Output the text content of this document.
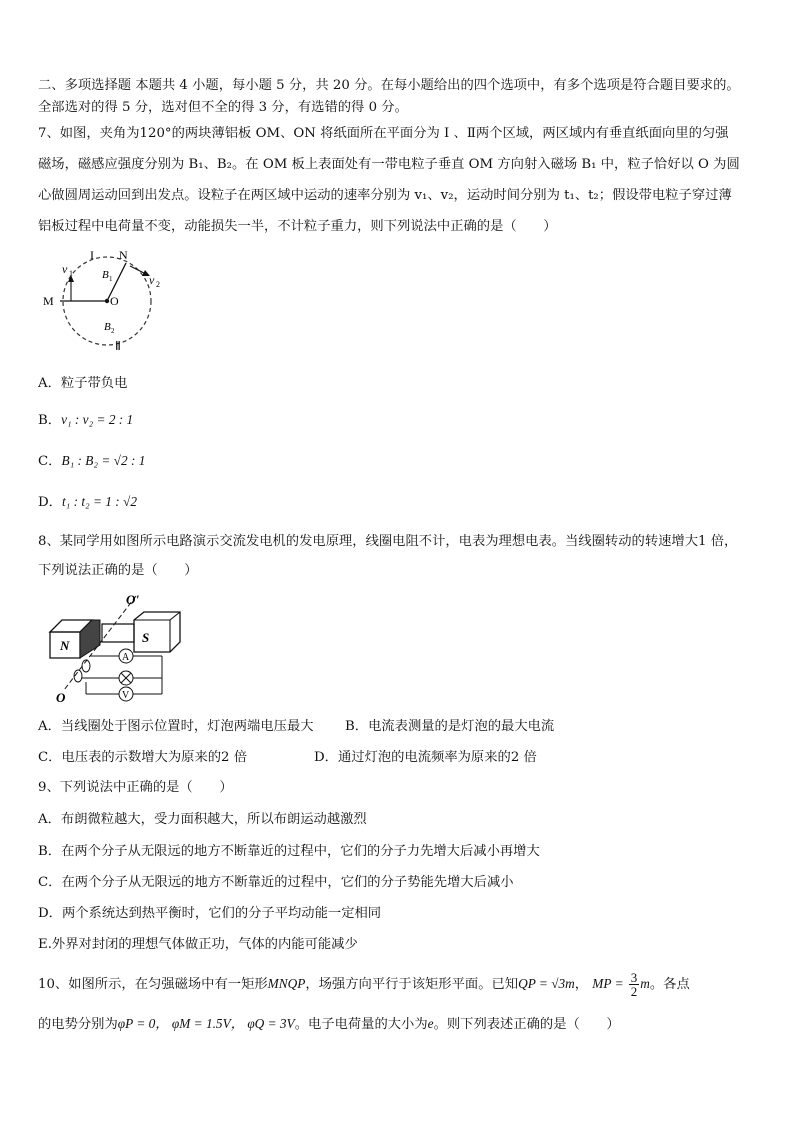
二、多项选择题 本题共 4 小题，每小题 5 分，共 20 分。在每小题给出的四个选项中，有多个选项是符合题目要求的。
全部选对的得 5 分，选对但不全的得 3 分，有选错的得 0 分。
7、如图，夹角为120°的两块薄铝板 OM、ON 将纸面所在平面分为 Ⅰ 、Ⅱ两个区域，两区域内有垂直纸面向里的匀强
磁场，磁感应强度分别为 B₁、B₂。在 OM 板上表面处有一带电粒子垂直 OM 方向射入磁场 B₁ 中，粒子恰好以 O 为圆
心做圆周运动回到出发点。设粒子在两区域中运动的速率分别为 v₁、v₂，运动时间分别为 t₁、t₂；假设带电粒子穿过薄
铝板过程中电荷量不变，动能损失一半，不计粒子重力，则下列说法中正确的是（　　）
I N
M	O
v 1	v 2
B 1
B 2
Ⅱ
A．粒子带负电
B．v₁ : v₂ = 2 : 1
C．B₁ : B₂ = √2 : 1
D．t₁ : t₂ = 1 : √2
8、某同学用如图所示电路演示交流发电机的发电原理，线圈电阻不计，电表为理想电表。当线圈转动的转速增大1 倍，
下列说法正确的是（　　）
N
S
O'
O
A
V
A．当线圈处于图示位置时，灯泡两端电压最大 B．电流表测量的是灯泡的最大电流
C．电压表的示数增大为原来的2 倍	D．通过灯泡的电流频率为原来的2 倍
9、下列说法中正确的是（　　）
A．布朗微粒越大，受力面积越大，所以布朗运动越激烈
B．在两个分子从无限远的地方不断靠近的过程中，它们的分子力先增大后减小再增大
C．在两个分子从无限远的地方不断靠近的过程中，它们的分子势能先增大后减小
D．两个系统达到热平衡时，它们的分子平均动能一定相同
E.外界对封闭的理想气体做正功，气体的内能可能减少
10、如图所示，在匀强磁场中有一矩形MNQP，场强方向平行于该矩形平面。已知QP = √3m， MP = $\frac{3}{2}$ m。各点
的电势分别为φP = 0， φM = 1.5V， φQ = 3V。电子电荷量的大小为e。则下列表述正确的是（　　）
